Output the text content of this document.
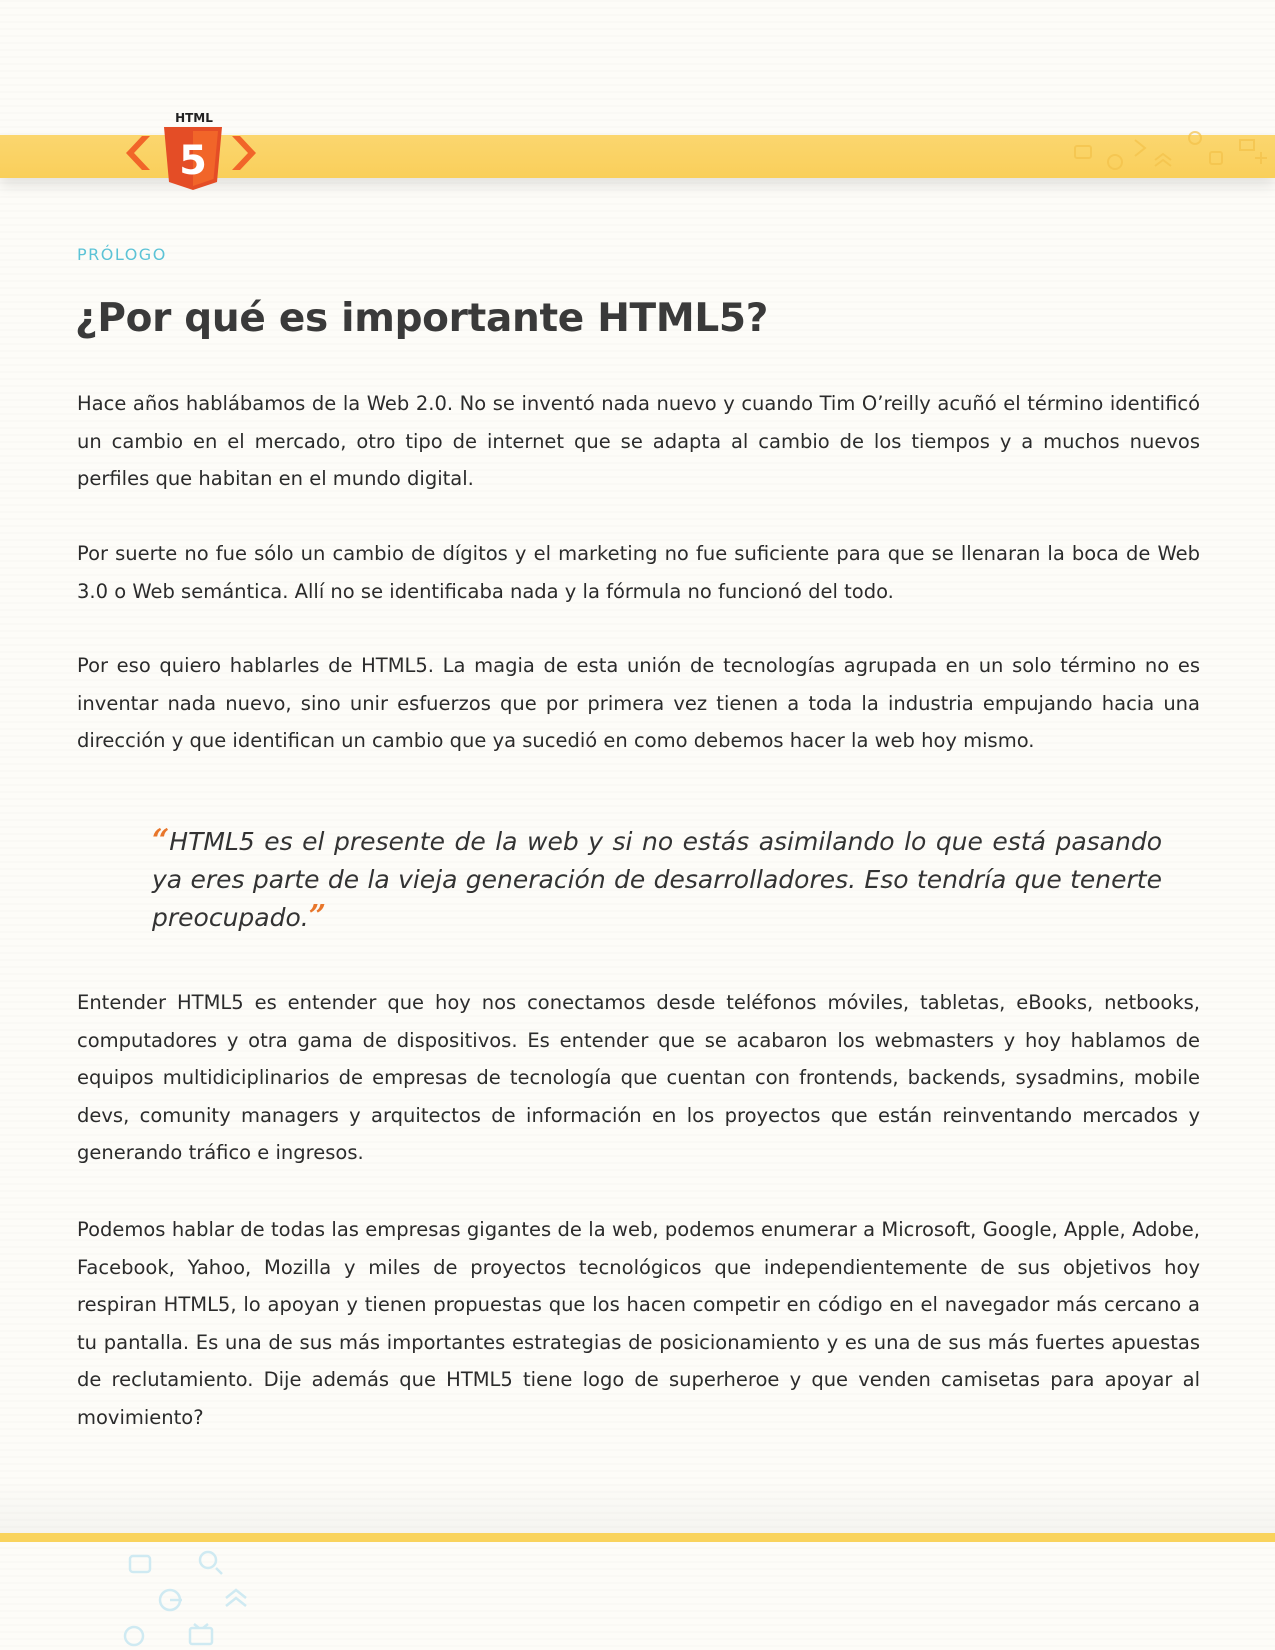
HTML
5

PRÓLOGO

¿Por qué es importante HTML5?

Hace años hablábamos de la Web 2.0. No se inventó nada nuevo y cuando Tim O’reilly acuñó el término identificó un cambio en el mercado, otro tipo de internet que se adapta al cambio de los tiempos y a muchos nuevos perfiles que habitan en el mundo digital.

Por suerte no fue sólo un cambio de dígitos y el marketing no fue suficiente para que se llenaran la boca de Web 3.0 o Web semántica. Allí no se identificaba nada y la fórmula no funcionó del todo.

Por eso quiero hablarles de HTML5. La magia de esta unión de tecnologías agrupada en un solo término no es inventar nada nuevo, sino unir esfuerzos que por primera vez tienen a toda la industria empujando hacia una dirección y que identifican un cambio que ya sucedió en como debemos hacer la web hoy mismo.

“HTML5 es el presente de la web y si no estás asimilando lo que está pasando ya eres parte de la vieja generación de desarrolladores. Eso tendría que tenerte preocupado.”

Entender HTML5 es entender que hoy nos conectamos desde teléfonos móviles, tabletas, eBooks, netbooks, computadores y otra gama de dispositivos. Es entender que se acabaron los webmasters y hoy hablamos de equipos multidiciplinarios de empresas de tecnología que cuentan con frontends, backends, sysadmins, mobile devs, comunity managers y arquitectos de información en los proyectos que están reinventando mercados y generando tráfico e ingresos.

Podemos hablar de todas las empresas gigantes de la web, podemos enumerar a Microsoft, Google, Apple, Adobe, Facebook, Yahoo, Mozilla y miles de proyectos tecnológicos que independientemente de sus objetivos hoy respiran HTML5, lo apoyan y tienen propuestas que los hacen competir en código en el navegador más cercano a tu pantalla. Es una de sus más importantes estrategias de posicionamiento y es una de sus más fuertes apuestas de reclutamiento. Dije además que HTML5 tiene logo de superheroe y que venden camisetas para apoyar al movimiento?
